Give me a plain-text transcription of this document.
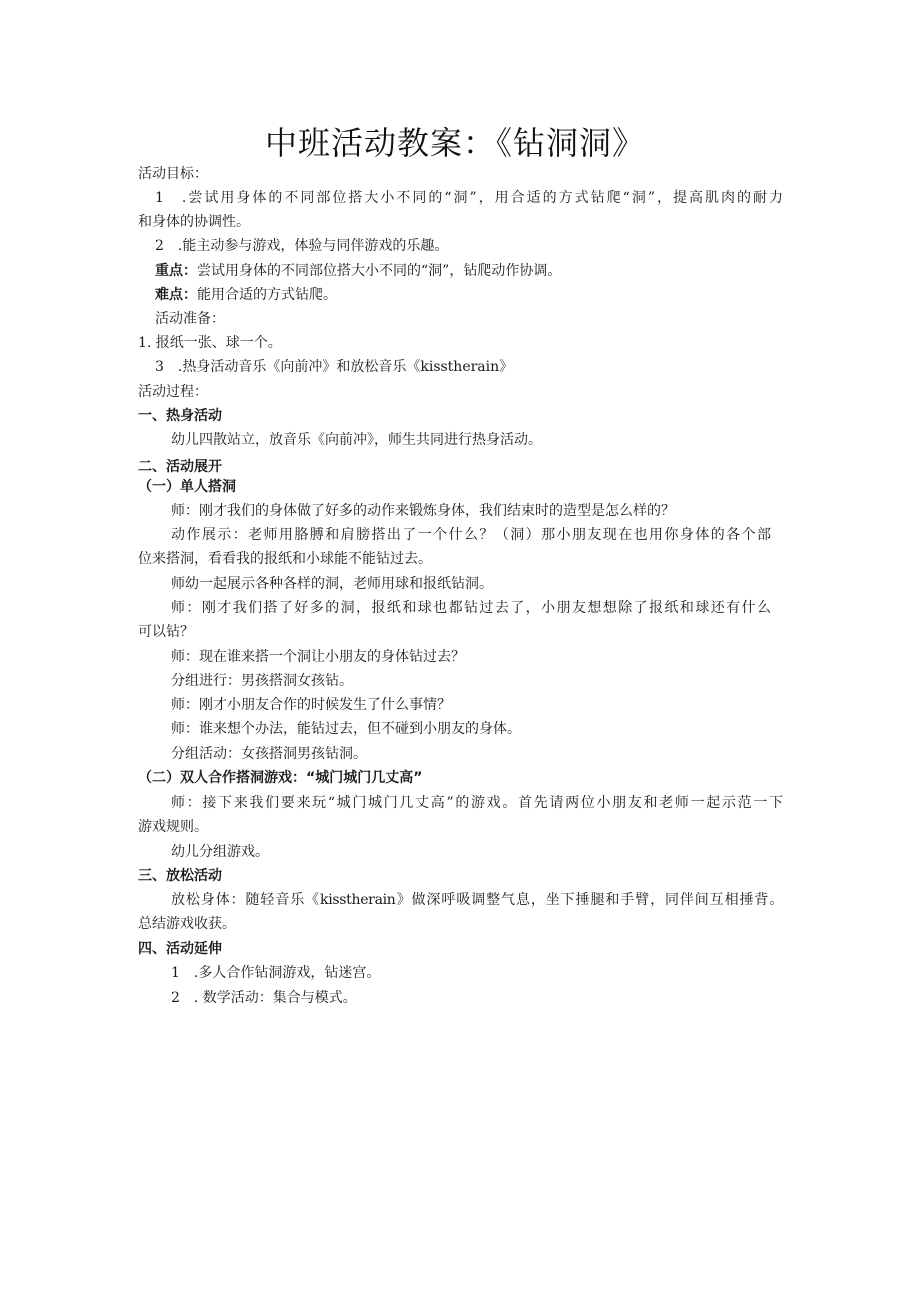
中班活动教案：《钻洞洞》
活动目标：
1　.尝试用身体的不同部位搭大小不同的“洞”，用合适的方式钻爬“洞”，提高肌肉的耐力
和身体的协调性。
2　.能主动参与游戏，体验与同伴游戏的乐趣。
重点：尝试用身体的不同部位搭大小不同的“洞”，钻爬动作协调。
难点：能用合适的方式钻爬。
活动准备：
1. 报纸一张、球一个。
3　.热身活动音乐《向前冲》和放松音乐《kisstherain》
活动过程：
一、热身活动
幼儿四散站立，放音乐《向前冲》，师生共同进行热身活动。
二、活动展开
（一）单人搭洞
师：刚才我们的身体做了好多的动作来锻炼身体，我们结束时的造型是怎么样的？
动作展示：老师用胳膊和肩膀搭出了一个什么？（洞）那小朋友现在也用你身体的各个部
位来搭洞，看看我的报纸和小球能不能钻过去。
师幼一起展示各种各样的洞，老师用球和报纸钻洞。
师：刚才我们搭了好多的洞，报纸和球也都钻过去了，小朋友想想除了报纸和球还有什么
可以钻？
师：现在谁来搭一个洞让小朋友的身体钻过去？
分组进行：男孩搭洞女孩钻。
师：刚才小朋友合作的时候发生了什么事情？
师：谁来想个办法，能钻过去，但不碰到小朋友的身体。
分组活动：女孩搭洞男孩钻洞。
（二）双人合作搭洞游戏：“城门城门几丈高”
师：接下来我们要来玩“城门城门几丈高”的游戏。首先请两位小朋友和老师一起示范一下
游戏规则。
幼儿分组游戏。
三、放松活动
放松身体：随轻音乐《kisstherain》做深呼吸调整气息，坐下捶腿和手臂，同伴间互相捶背。
总结游戏收获。
四、活动延伸
1　.多人合作钻洞游戏，钻迷宫。
2　. 数学活动：集合与模式。
